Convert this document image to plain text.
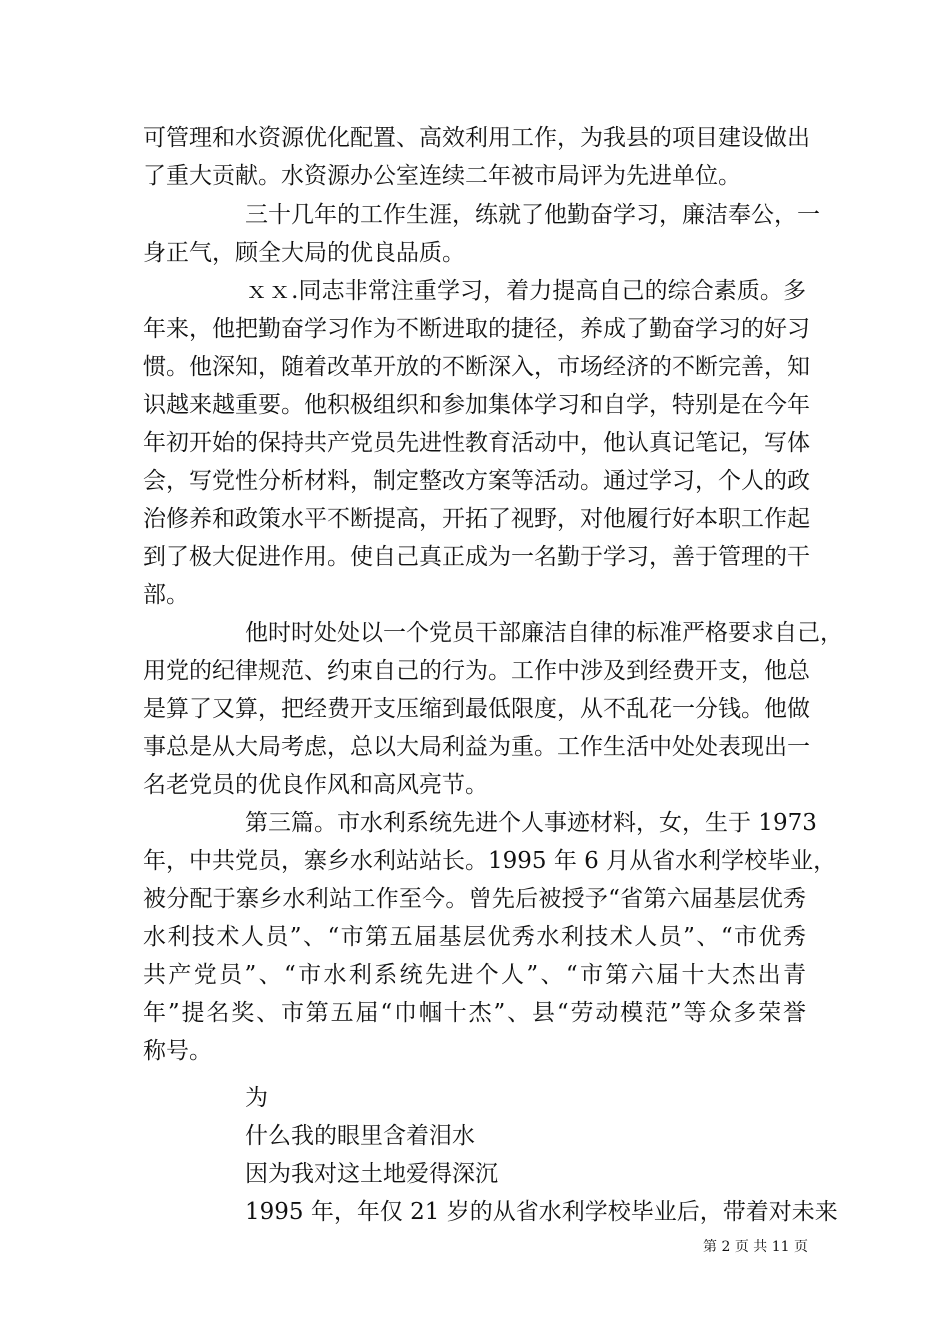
可管理和水资源优化配置、高效利用工作，为我县的项目建设做出
了重大贡献。水资源办公室连续二年被市局评为先进单位。
三十几年的工作生涯，练就了他勤奋学习，廉洁奉公，一
身正气，顾全大局的优良品质。
ｘｘ.同志非常注重学习，着力提高自己的综合素质。多
年来，他把勤奋学习作为不断进取的捷径，养成了勤奋学习的好习
惯。他深知，随着改革开放的不断深入，市场经济的不断完善，知
识越来越重要。他积极组织和参加集体学习和自学，特别是在今年
年初开始的保持共产党员先进性教育活动中，他认真记笔记，写体
会，写党性分析材料，制定整改方案等活动。通过学习，个人的政
治修养和政策水平不断提高，开拓了视野，对他履行好本职工作起
到了极大促进作用。使自己真正成为一名勤于学习，善于管理的干
部。
他时时处处以一个党员干部廉洁自律的标准严格要求自己，
用党的纪律规范、约束自己的行为。工作中涉及到经费开支，他总
是算了又算，把经费开支压缩到最低限度，从不乱花一分钱。他做
事总是从大局考虑，总以大局利益为重。工作生活中处处表现出一
名老党员的优良作风和高风亮节。
第三篇。市水利系统先进个人事迹材料，女，生于 1973
年，中共党员，寨乡水利站站长。1995 年 6 月从省水利学校毕业，
被分配于寨乡水利站工作至今。曾先后被授予“省第六届基层优秀
水利技术人员”、“市第五届基层优秀水利技术人员”、“市优秀
共产党员”、“市水利系统先进个人”、“市第六届十大杰出青
年”提名奖、市第五届“巾帼十杰”、县“劳动模范”等众多荣誉
称号。
为
什么我的眼里含着泪水
因为我对这土地爱得深沉
1995 年，年仅 21 岁的从省水利学校毕业后，带着对未来
第 2 页 共 11 页
